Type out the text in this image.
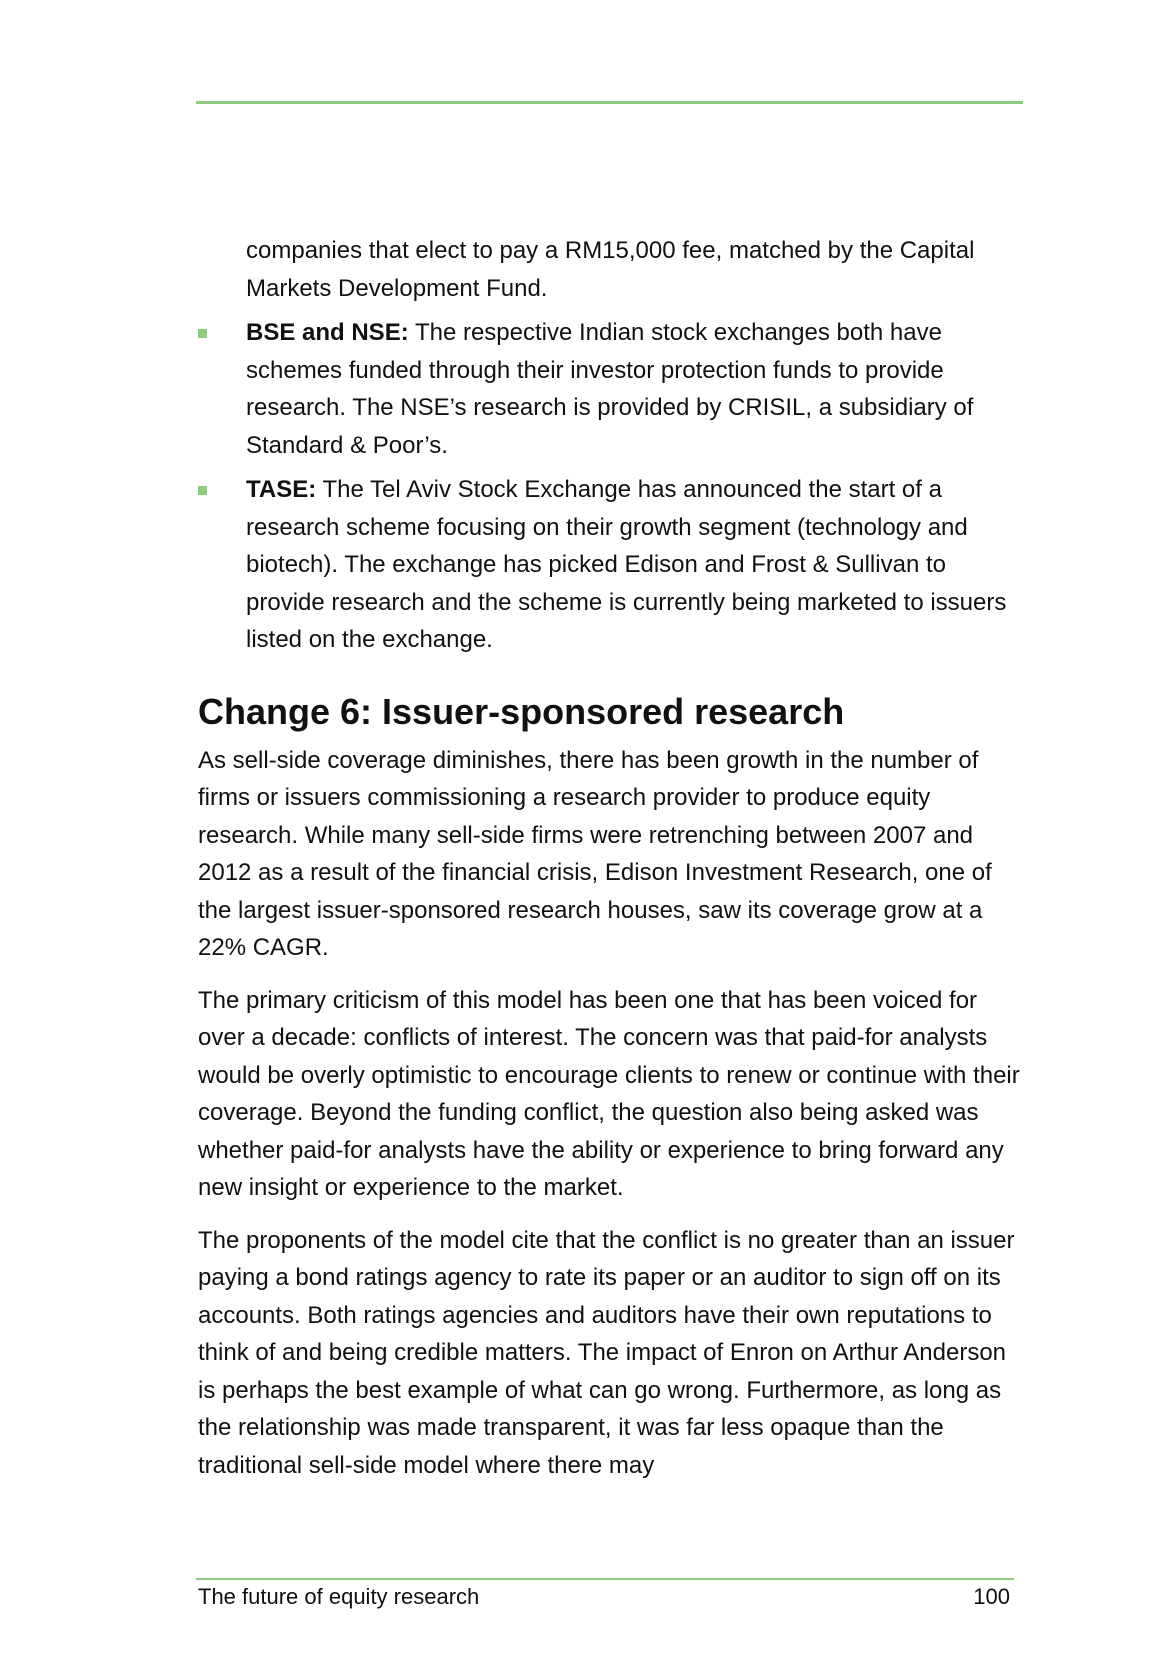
companies that elect to pay a RM15,000 fee, matched by the Capital Markets Development Fund.

BSE and NSE: The respective Indian stock exchanges both have schemes funded through their investor protection funds to provide research. The NSE’s research is provided by CRISIL, a subsidiary of Standard & Poor’s.
TASE: The Tel Aviv Stock Exchange has announced the start of a research scheme focusing on their growth segment (technology and biotech). The exchange has picked Edison and Frost & Sullivan to provide research and the scheme is currently being marketed to issuers listed on the exchange.
Change 6: Issuer-sponsored research

As sell-side coverage diminishes, there has been growth in the number of firms or issuers commissioning a research provider to produce equity research. While many sell-side firms were retrenching between 2007 and 2012 as a result of the financial crisis, Edison Investment Research, one of the largest issuer-sponsored research houses, saw its coverage grow at a 22% CAGR.

The primary criticism of this model has been one that has been voiced for over a decade: conflicts of interest. The concern was that paid-for analysts would be overly optimistic to encourage clients to renew or continue with their coverage. Beyond the funding conflict, the question also being asked was whether paid-for analysts have the ability or experience to bring forward any new insight or experience to the market.

The proponents of the model cite that the conflict is no greater than an issuer paying a bond ratings agency to rate its paper or an auditor to sign off on its accounts. Both ratings agencies and auditors have their own reputations to think of and being credible matters. The impact of Enron on Arthur Anderson is perhaps the best example of what can go wrong. Furthermore, as long as the relationship was made transparent, it was far less opaque than the traditional sell-side model where there may

The future of equity research	100
